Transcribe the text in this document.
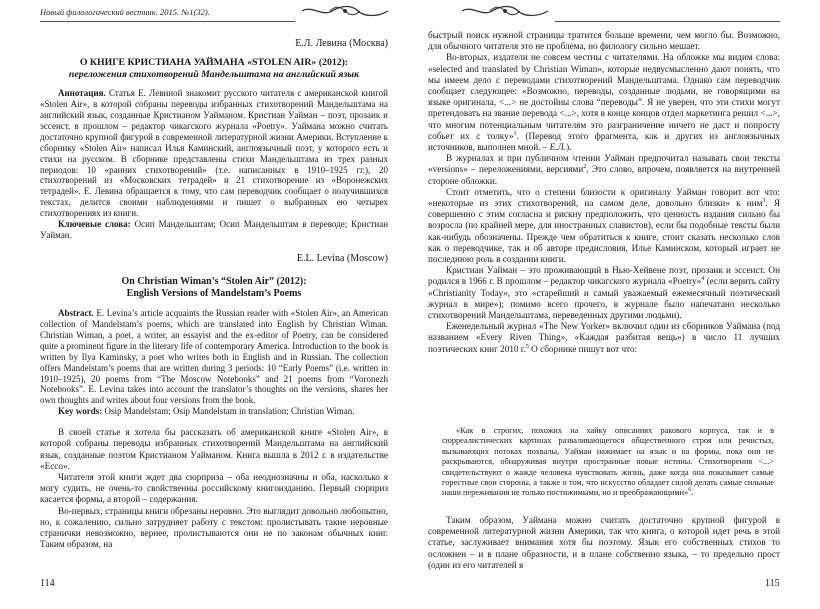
Новый филологический вестник. 2015. №1(32).

Е.Л. Левина (Москва)

О КНИГЕ КРИСТИАНА УАЙМАНА «STOLEN AIR» (2012):
переложения стихотворений Мандельштама на английский язык

Аннотация. Статья Е. Левиной знакомит русского читателя с американской книгой «Stolen Air», в которой собраны переводы избранных стихотворений Мандельштама на английский язык, созданные Кристианом Уайманом. Кристиан Уайман – поэт, прозаик и эссеист, в прошлом – редактор чикагского журнала «Poetry». Уаймана можно считать достаточно крупной фигурой в современной литературной жизни Америки. Вступление к сборнику «Stolen Air» написал Илья Каминский, англоязычный поэт, у которого есть и стихи на русском. В сборнике представлены стихи Мандельштама из трех разных периодов: 10 «ранних стихотворений» (т.е. написанных в 1910–1925 гг.), 20 стихотворений из «Московских тетрадей» и 21 стихотворение из «Воронежских тетрадей». Е. Левина обращается к тому, что сам переводчик сообщает о получившихся текстах, делится своими наблюдениями и пишет о выбранных ею четырех стихотворениях из книги.

Ключевые слова: Осип Мандельштам; Осип Мандельштам в переводе; Кристиан Уайман.

E.L. Levina (Moscow)

On Christian Wiman’s “Stolen Air” (2012):
English Versions of Mandelstam’s Poems

Abstract. E. Levina’s article acquaints the Russian reader with «Stolen Air», an American collection of Mandelstam’s poems, which are translated into English by Christian Wiman. Christian Wiman, a poet, a writer, an essayist and the ex-editor of Poetry, can be considered quite a prominent figure in the literary life of contemporary America. Introduction to the book is written by Ilya Kaminsky, a poet who writes both in English and in Russian. The collection offers Mandelstam’s poems that are written during 3 periods: 10 “Early Poems” (i.e. written in 1910–1925), 20 poems from “The Moscow Notebooks” and 21 poems from “Voronezh Notebooks”. E. Levina takes into account the translator’s thoughts on the versions, shares her own thoughts and writes about four versions from the book.

Key words: Osip Mandelstam; Osip Mandelstam in translation; Christian Wiman.

В своей статье я хотела бы рассказать об американской книге «Stolen Air», в которой собраны переводы избранных стихотворений Мандельштама на английский язык, созданные поэтом Кристианом Уайманом. Книга вышла в 2012 г. в издательстве «Ecco».

Читателя этой книги ждет два сюрприза – оба неоднозначны и оба, насколько я могу судить, не очень-то свойственны российскому книгоизданию. Первый сюрприз касается формы, а второй – содержания.

Во-первых, страницы книги обрезаны неровно. Это выглядит довольно любопытно, но, к сожалению, сильно затрудняет работу с текстом: пролистывать такие неровные странички невозможно, вернее, пролистываются они не по законам обычных книг. Таким образом, на

114

быстрый поиск нужной страницы тратится больше времени, чем могло бы. Возможно, для обычного читателя это не проблема, но филологу сильно мешает.

Во-вторых, издатели не совсем честны с читателями. На обложке мы видим слова: «selected and translated by Christian Wiman», которые недвусмысленно дают понять, что мы имеем дело с переводами стихотворений Мандельштама. Однако сам переводчик сообщает следующее: «Возможно, переводы, созданные людьми, не говорящими на языке оригинала, <...> не достойны слова “переводы”. Я не уверен, что эти стихи могут претендовать на звание перевода <...>, хотя в конце концов отдел маркетинга решил <...>, что многим потенциальным читателям это разграничение ничего не даст и попросту собьет их с толку»$^1$. (Перевод этого фрагмента, как и других из англоязычных источников, выполнен мной. – Е.Л.).

В журналах и при публичном чтении Уайман предпочитал называть свои тексты «versions» – переложениями, версиями$^2$. Это слово, впрочем, появляется на внутренней стороне обложки.

Стоит отметить, что о степени близости к оригиналу Уайман говорит вот что: «некоторые из этих стихотворений, на самом деле, довольно близки» к ним$^3$. Я совершенно с этим согласна и рискну предположить, что ценность издания сильно бы возросла (по крайней мере, для иностранных славистов), если бы подобные тексты были как-нибудь обозначены. Прежде чем обратиться к книге, стоит сказать несколько слов как о переводчике, так и об авторе предисловия, Илье Каминском, который играет не последнюю роль в создании книги.

Кристиан Уайман – это проживающий в Нью-Хейвене поэт, прозаик и эссеист. Он родился в 1966 г. В прошлом – редактор чикагского журнала «Poetry»$^4$ (если верить сайту «Christianity Today», это «старейший и самый уважаемый ежемесячный поэтический журнал в мире»); помимо всего прочего, в журнале было напечатано несколько стихотворений Мандельштама, переведенных другими людьми).

Еженедельный журнал «The New Yorker» включил один из сборников Уаймана (под названием «Every Riven Thing», «Каждая разбитая вещь») в число 11 лучших поэтических книг 2010 г.$^5$ О сборнике пишут вот что:

«Как в строгих, похожих на хайку описаниях ракового корпуса, так и в сюрреалистических картинах разваливающегося общественного строя или речистых, вызывающих потоках похвалы, Уайман нажимает на язык и на формы, пока они не раскрываются, обнаруживая внутри пространные новые истины. Стихотворения <...> свидетельствуют о жажде человека чувствовать жизнь, даже когда она показывает самые горестные свои стороны, а также о том, что искусство обладает силой делать самые сильные наши переживания не только постижимыми, но и преображающими»$^6$.

Таким образом, Уаймана можно считать достаточно крупной фигурой в современной литературной жизни Америки, так что книга, о которой идет речь в этой статье, заслуживает внимания хотя бы поэтому. Язык его собственных стихов то осложнен – и в плане образности, и в плане собственно языка, – то предельно прост (один из его читателей в

115
